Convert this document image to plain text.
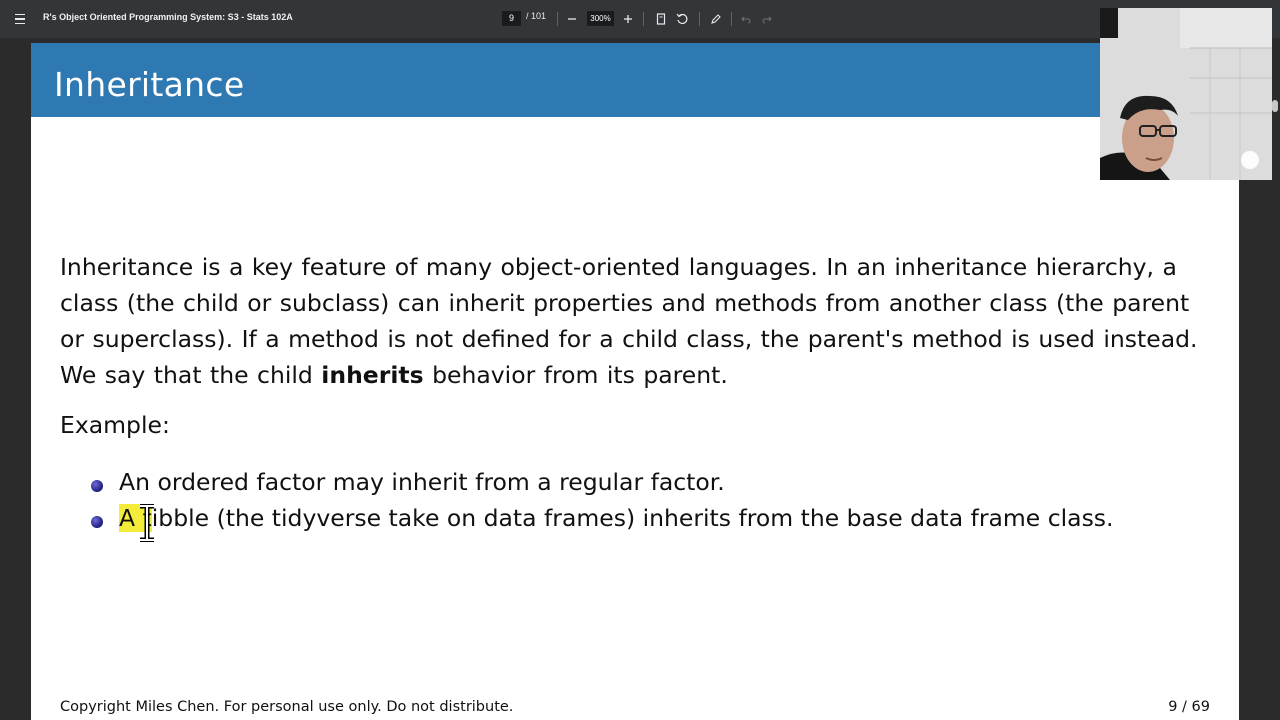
R's Object Oriented Programming System: S3 - Stats 102A	9	/ 101	300%
Inheritance
Inheritance is a key feature of many object-oriented languages. In an inheritance hierarchy, a class (the child or subclass) can inherit properties and methods from another class (the parent or superclass). If a method is not defined for a child class, the parent's method is used instead. We say that the child inherits behavior from its parent.
Example:
An ordered factor may inherit from a regular factor.
A tibble (the tidyverse take on data frames) inherits from the base data frame class.
Copyright Miles Chen. For personal use only. Do not distribute.	9 / 69
